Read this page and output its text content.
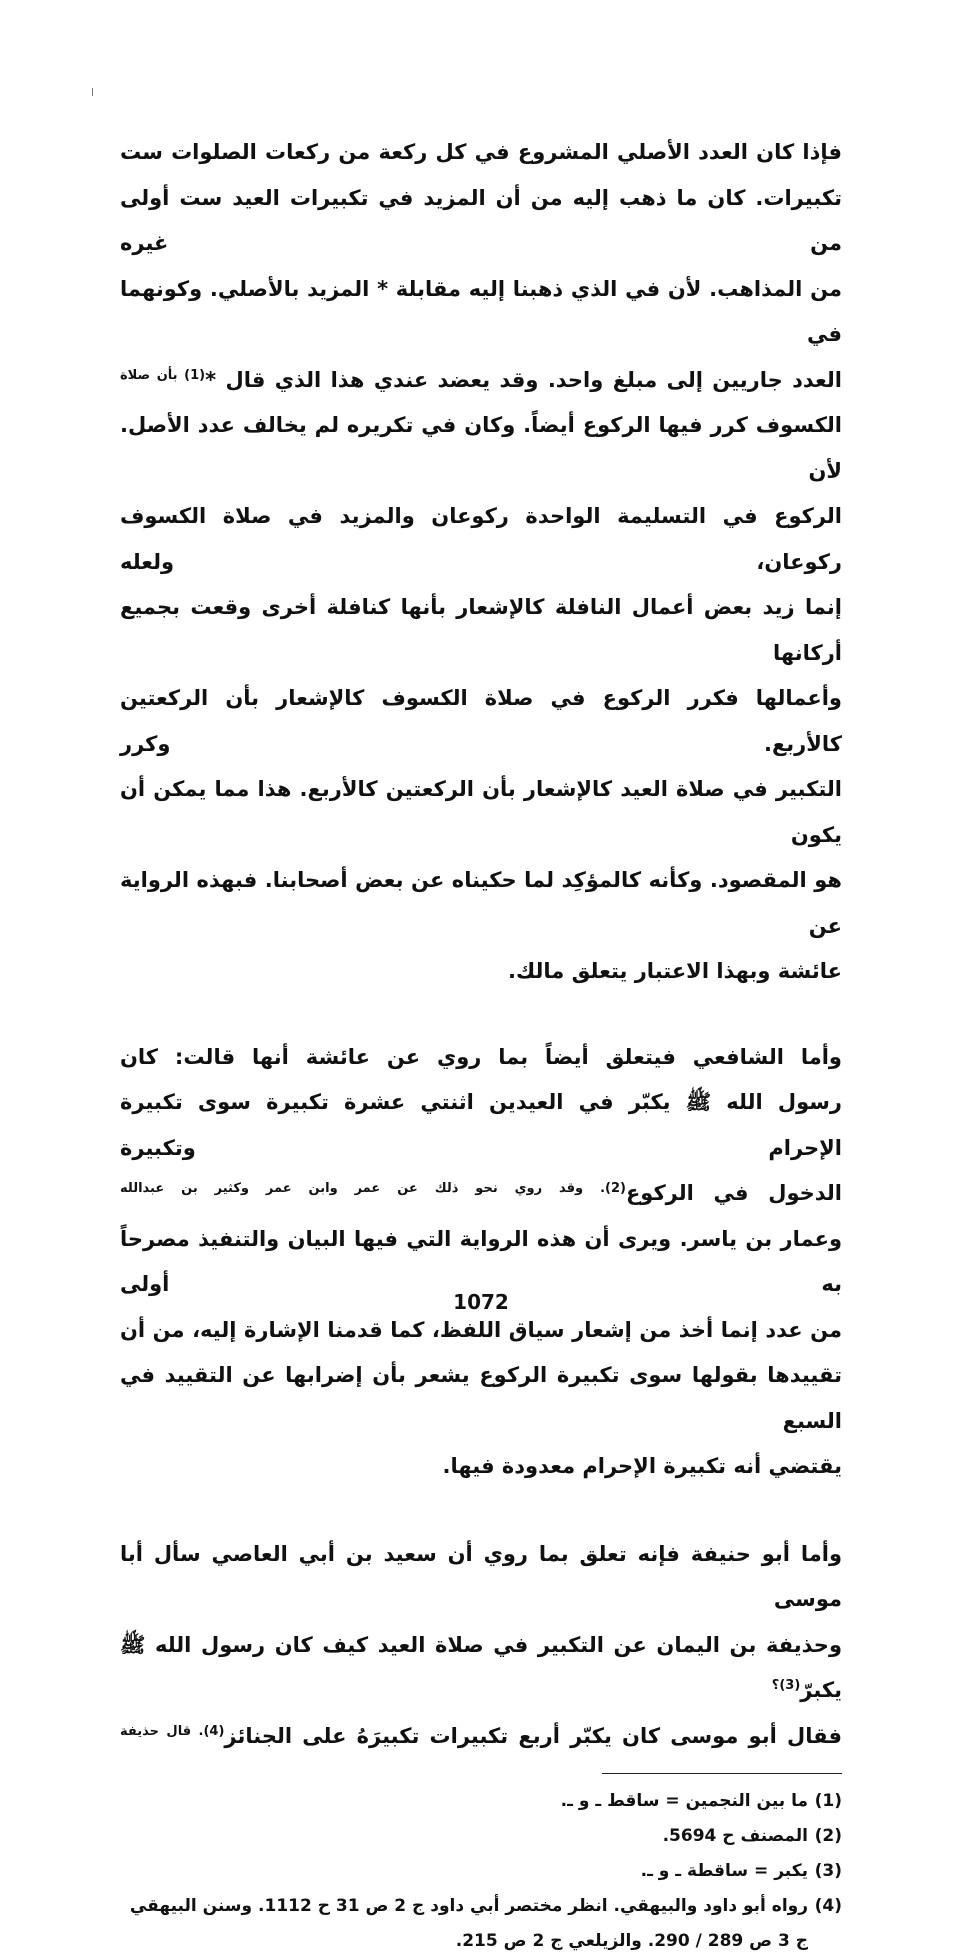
فإذا كان العدد الأصلي المشروع في كل ركعة من ركعات الصلوات ست
تكبيرات. كان ما ذهب إليه من أن المزيد في تكبيرات العيد ست أولى من غيره
من المذاهب. لأن في الذي ذهبنا إليه مقابلة * المزيد بالأصلي. وكونهما في
العدد جاريين إلى مبلغ واحد. وقد يعضد عندي هذا الذي قال *$^{(1) بأن صلاة}$
الكسوف كرر فيها الركوع أيضاً. وكان في تكريره لم يخالف عدد الأصل. لأن
الركوع في التسليمة الواحدة ركوعان والمزيد في صلاة الكسوف ركوعان، ولعله
إنما زيد بعض أعمال النافلة كالإشعار بأنها كنافلة أخرى وقعت بجميع أركانها
وأعمالها فكرر الركوع في صلاة الكسوف كالإشعار بأن الركعتين كالأربع. وكرر
التكبير في صلاة العيد كالإشعار بأن الركعتين كالأربع. هذا مما يمكن أن يكون
هو المقصود. وكأنه كالمؤكِد لما حكيناه عن بعض أصحابنا. فبهذه الرواية عن
عائشة وبهذا الاعتبار يتعلق مالك.

وأما الشافعي فيتعلق أيضاً بما روي عن عائشة أنها قالت: كان
رسول الله ﷺ يكبّر في العيدين اثنتي عشرة تكبيرة سوى تكبيرة الإحرام وتكبيرة
الدخول في الركوع$^{(2). وقد روي نحو ذلك عن عمر وابن عمر وكثير بن عبدالله}$
وعمار بن ياسر. ويرى أن هذه الرواية التي فيها البيان والتنفيذ مصرحاً به أولى
من عدد إنما أخذ من إشعار سياق اللفظ، كما قدمنا الإشارة إليه، من أن
تقييدها بقولها سوى تكبيرة الركوع يشعر بأن إضرابها عن التقييد في السبع
يقتضي أنه تكبيرة الإحرام معدودة فيها.

وأما أبو حنيفة فإنه تعلق بما روي أن سعيد بن أبي العاصي سأل أبا موسى
وحذيفة بن اليمان عن التكبير في صلاة العيد كيف كان رسول الله ﷺ يكبرّ$^{(3)؟}$
فقال أبو موسى كان يكبّر أربع تكبيرات تكبيرَهُ على الجنائز$^{(4). قال حذيفة}$

(1)ما بين النجمين = ساقط ـ و ـ.

(2)المصنف ح 5694.

(3)يكبر = ساقطة ـ و ـ.

(4)رواه أبو داود والبيهقي. انظر مختصر أبي داود ج 2 ص 31 ح 1112. وسنن البيهقي
ج 3 ص 289 / 290. والزيلعي ج 2 ص 215.

1072
